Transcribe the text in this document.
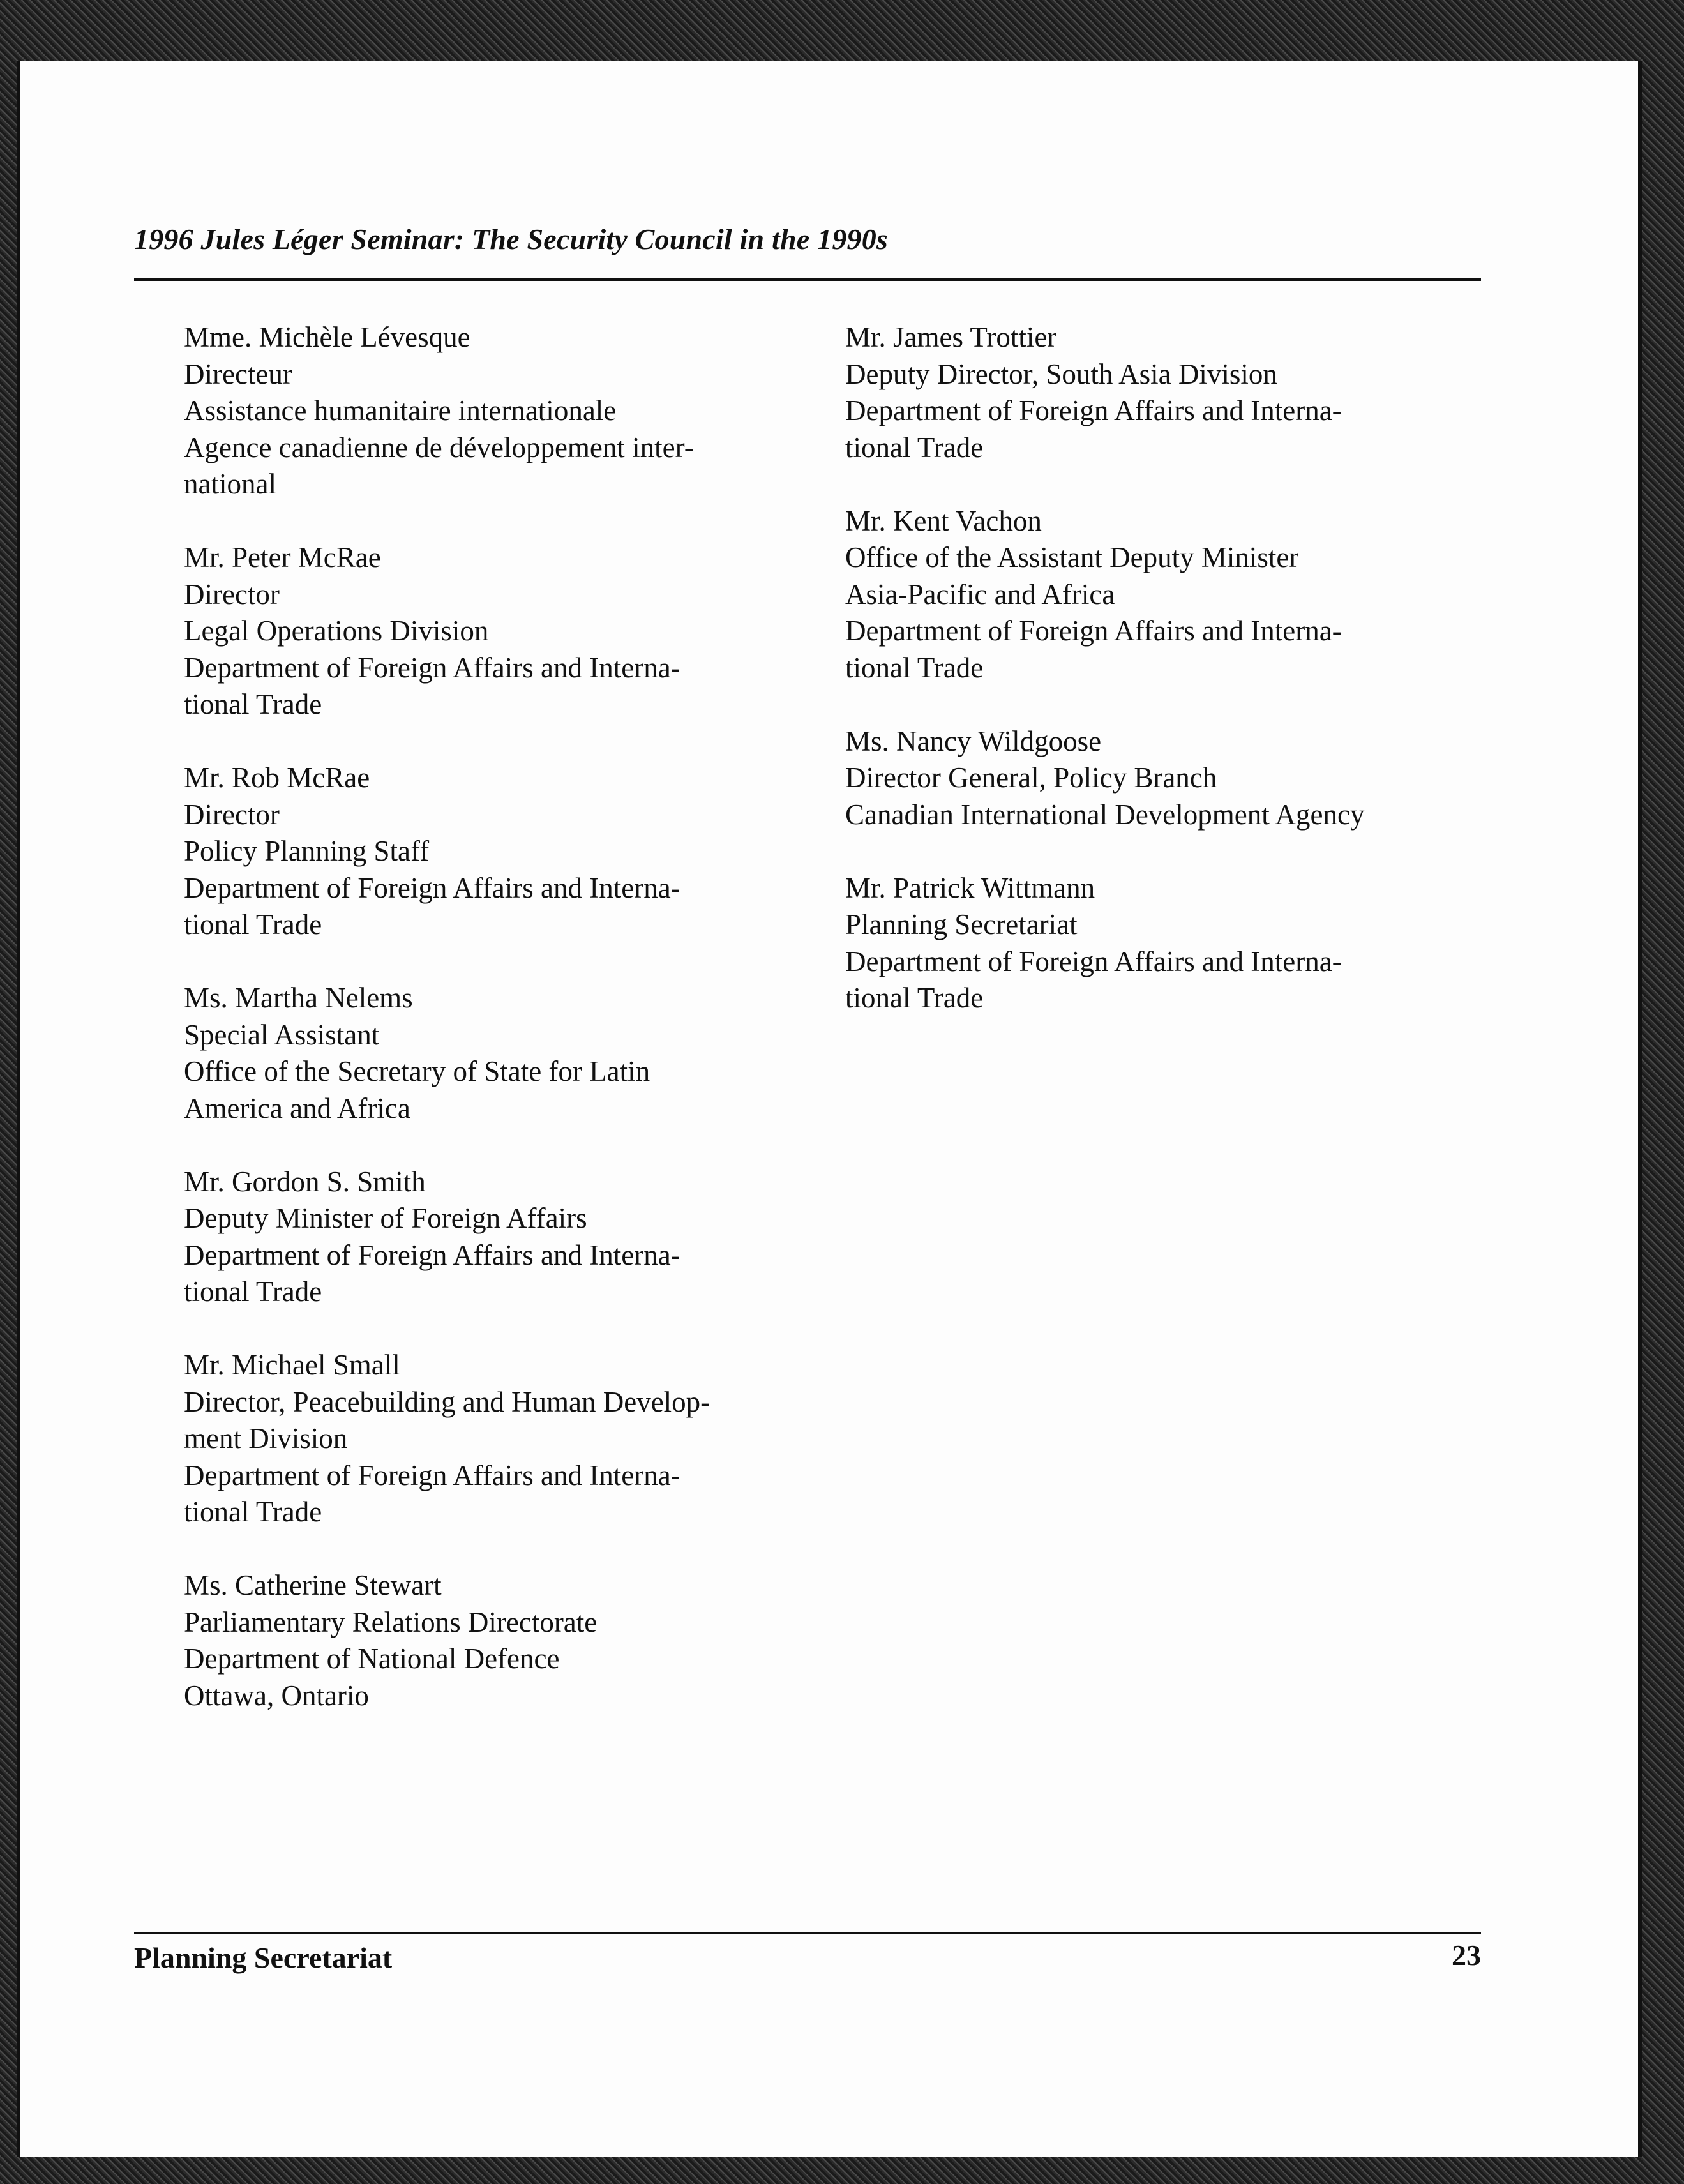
1996 Jules Léger Seminar: The Security Council in the 1990s
Mme. Michèle Lévesque
Directeur
Assistance humanitaire internationale
Agence canadienne de développement inter-
national
Mr. Peter McRae
Director
Legal Operations Division
Department of Foreign Affairs and Interna-
tional Trade
Mr. Rob McRae
Director
Policy Planning Staff
Department of Foreign Affairs and Interna-
tional Trade
Ms. Martha Nelems
Special Assistant
Office of the Secretary of State for Latin
America and Africa
Mr. Gordon S. Smith
Deputy Minister of Foreign Affairs
Department of Foreign Affairs and Interna-
tional Trade
Mr. Michael Small
Director, Peacebuilding and Human Develop-
ment Division
Department of Foreign Affairs and Interna-
tional Trade
Ms. Catherine Stewart
Parliamentary Relations Directorate
Department of National Defence
Ottawa, Ontario
Mr. James Trottier
Deputy Director, South Asia Division
Department of Foreign Affairs and Interna-
tional Trade
Mr. Kent Vachon
Office of the Assistant Deputy Minister
Asia-Pacific and Africa
Department of Foreign Affairs and Interna-
tional Trade
Ms. Nancy Wildgoose
Director General, Policy Branch
Canadian International Development Agency
Mr. Patrick Wittmann
Planning Secretariat
Department of Foreign Affairs and Interna-
tional Trade
Planning Secretariat	23
